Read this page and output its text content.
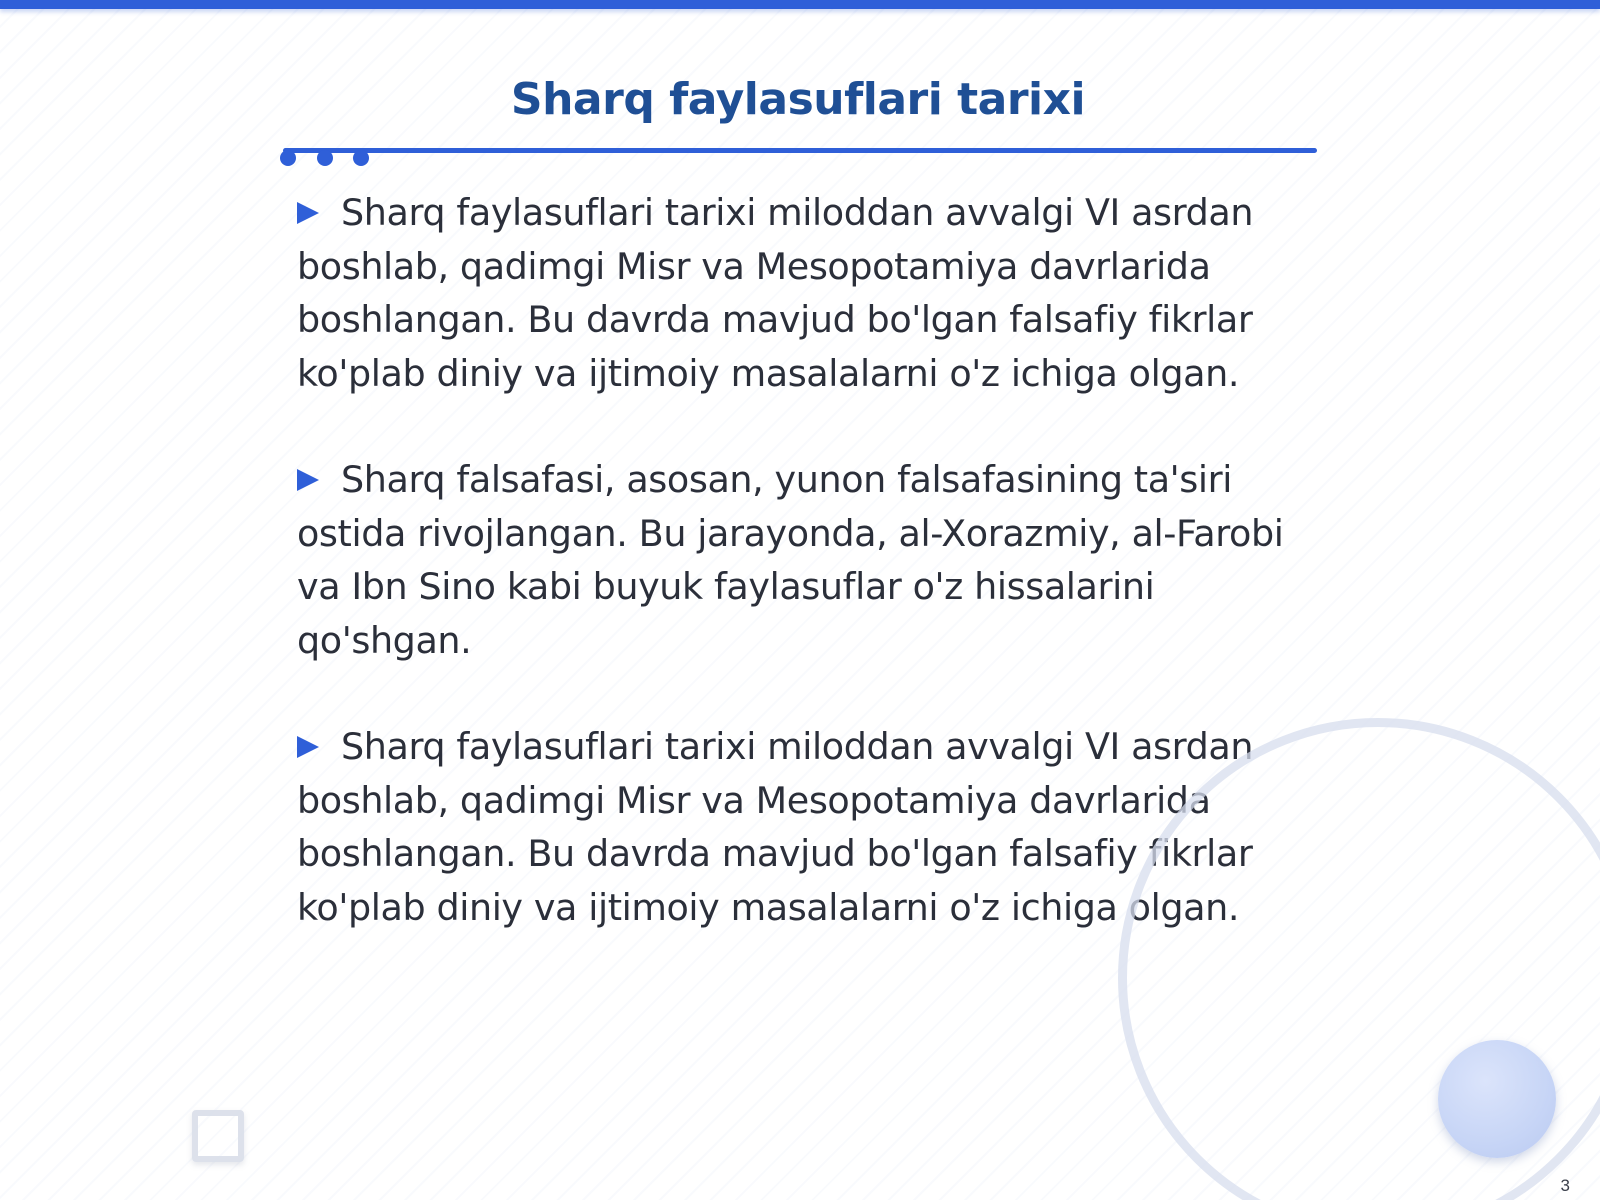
Sharq faylasuflari tarixi

Sharq faylasuflari tarixi miloddan avvalgi VI asrdan boshlab, qadimgi Misr va Mesopotamiya davrlarida boshlangan. Bu davrda mavjud bo'lgan falsafiy fikrlar ko'plab diniy va ijtimoiy masalalarni o'z ichiga olgan.

Sharq falsafasi, asosan, yunon falsafasining ta'siri ostida rivojlangan. Bu jarayonda, al-Xorazmiy, al-Farobi va Ibn Sino kabi buyuk faylasuflar o'z hissalarini qo'shgan.

Sharq faylasuflari tarixi miloddan avvalgi VI asrdan boshlab, qadimgi Misr va Mesopotamiya davrlarida boshlangan. Bu davrda mavjud bo'lgan falsafiy fikrlar ko'plab diniy va ijtimoiy masalalarni o'z ichiga olgan.

3
